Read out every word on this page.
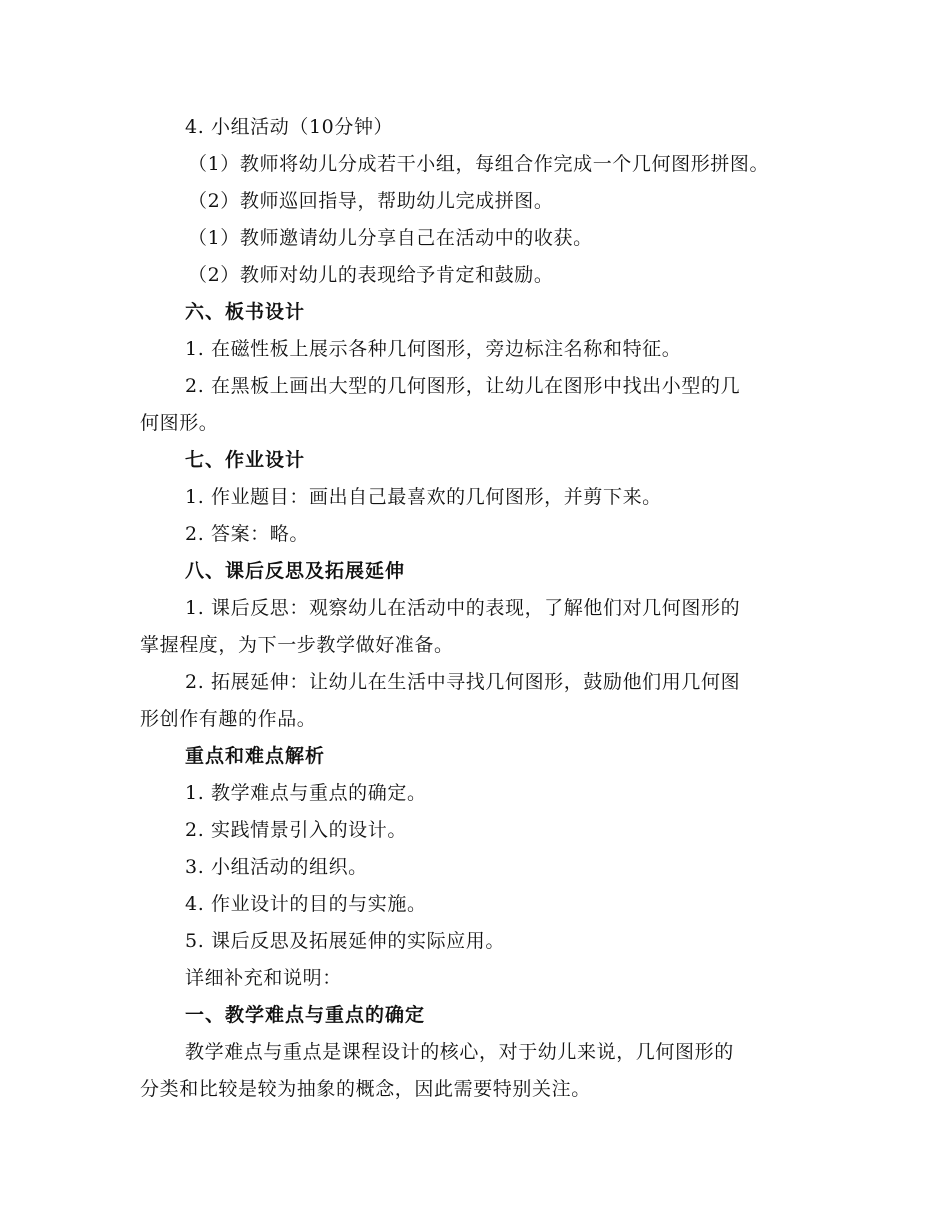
4. 小组活动（10分钟）
（1）教师将幼儿分成若干小组，每组合作完成一个几何图形拼图。
（2）教师巡回指导，帮助幼儿完成拼图。
（1）教师邀请幼儿分享自己在活动中的收获。
（2）教师对幼儿的表现给予肯定和鼓励。
六、板书设计
1. 在磁性板上展示各种几何图形，旁边标注名称和特征。
2. 在黑板上画出大型的几何图形，让幼儿在图形中找出小型的几
何图形。
七、作业设计
1. 作业题目：画出自己最喜欢的几何图形，并剪下来。
2. 答案：略。
八、课后反思及拓展延伸
1. 课后反思：观察幼儿在活动中的表现，了解他们对几何图形的
掌握程度，为下一步教学做好准备。
2. 拓展延伸：让幼儿在生活中寻找几何图形，鼓励他们用几何图
形创作有趣的作品。
重点和难点解析
1. 教学难点与重点的确定。
2. 实践情景引入的设计。
3. 小组活动的组织。
4. 作业设计的目的与实施。
5. 课后反思及拓展延伸的实际应用。
详细补充和说明：
一、教学难点与重点的确定
教学难点与重点是课程设计的核心，对于幼儿来说，几何图形的
分类和比较是较为抽象的概念，因此需要特别关注。
